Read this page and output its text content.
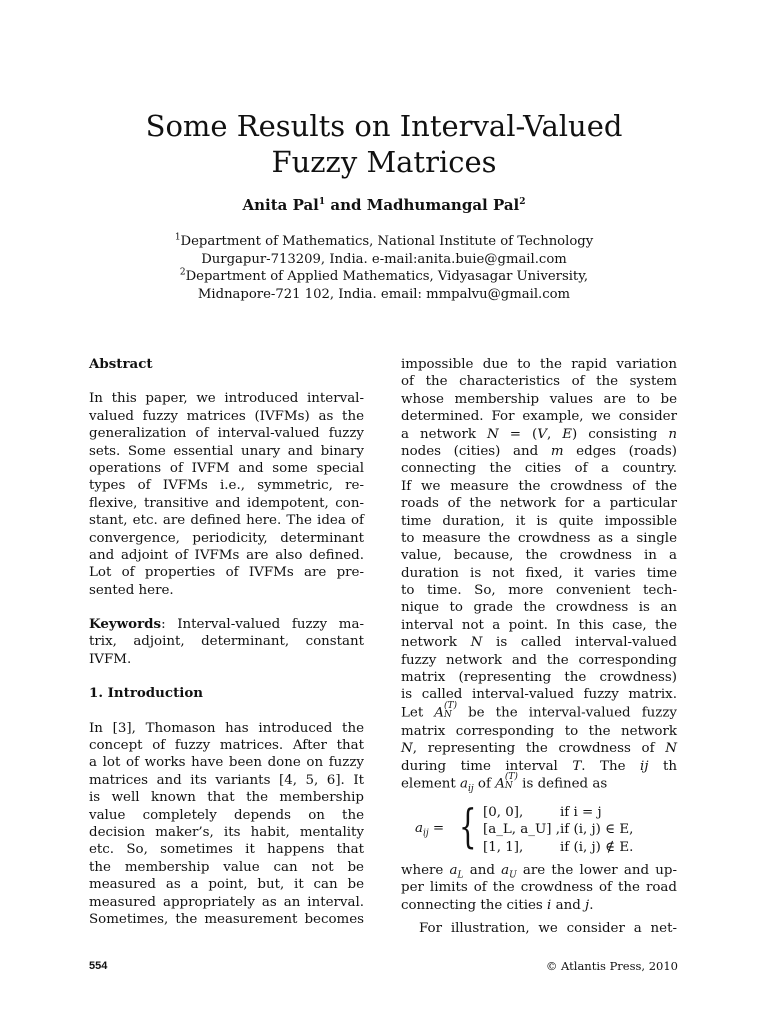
Some Results on Interval-Valued
Fuzzy Matrices
Anita Pal$^1$ and Madhumangal Pal$^2$
$^1$Department of Mathematics, National Institute of Technology
Durgapur-713209, India. e-mail:anita.buie@gmail.com
$^2$Department of Applied Mathematics, Vidyasagar University,
Midnapore-721 102, India. email: mmpalvu@gmail.com
Abstract
In this paper, we introduced interval-
valued fuzzy matrices (IVFMs) as the
generalization of interval-valued fuzzy
sets. Some essential unary and binary
operations of IVFM and some special
types of IVFMs i.e., symmetric, re-
flexive, transitive and idempotent, con-
stant, etc. are defined here. The idea of
convergence, periodicity, determinant
and adjoint of IVFMs are also defined.
Lot of properties of IVFMs are pre-
sented here.
Keywords: Interval-valued fuzzy ma-
trix, adjoint, determinant, constant
IVFM.
1. Introduction
In [3], Thomason has introduced the
concept of fuzzy matrices. After that
a lot of works have been done on fuzzy
matrices and its variants [4, 5, 6]. It
is well known that the membership
value completely depends on the
decision maker’s, its habit, mentality
etc. So, sometimes it happens that
the membership value can not be
measured as a point, but, it can be
measured appropriately as an interval.
Sometimes, the measurement becomes
impossible due to the rapid variation
of the characteristics of the system
whose membership values are to be
determined. For example, we consider
a network N = (V, E) consisting n
nodes (cities) and m edges (roads)
connecting the cities of a country.
If we measure the crowdness of the
roads of the network for a particular
time duration, it is quite impossible
to measure the crowdness as a single
value, because, the crowdness in a
duration is not fixed, it varies time
to time. So, more convenient tech-
nique to grade the crowdness is an
interval not a point. In this case, the
network N is called interval-valued
fuzzy network and the corresponding
matrix (representing the crowdness)
is called interval-valued fuzzy matrix.
Let A (T)
N be the interval-valued fuzzy
matrix corresponding to the network
N, representing the crowdness of N
during time interval T. The ij th
element $a_{ij}$ of A (T)
N is defined as
$a_{ij}$ = { [0, 0],	if i = j
[a_L, a_U] , if (i, j) ∈ E,
[1, 1],	if (i, j) ∉ E.
where $a_L$ and $a_U$ are the lower and up-
per limits of the crowdness of the road
connecting the cities i and j.
For illustration, we consider a net-
554	© Atlantis Press, 2010
